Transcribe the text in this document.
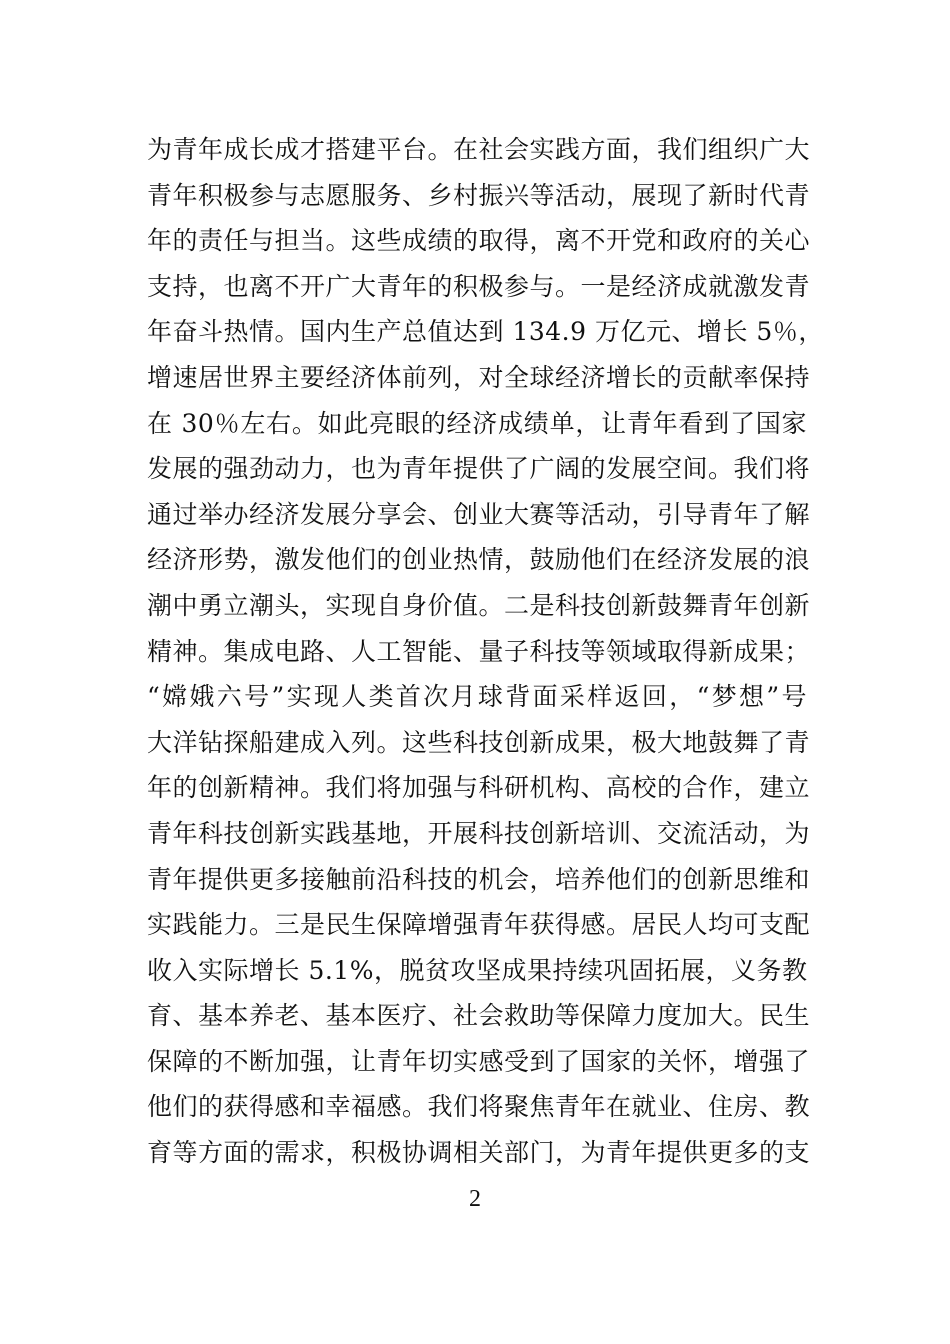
为青年成长成才搭建平台。在社会实践方面，我们组织广大
青年积极参与志愿服务、乡村振兴等活动，展现了新时代青
年的责任与担当。这些成绩的取得，离不开党和政府的关心
支持，也离不开广大青年的积极参与。一是经济成就激发青
年奋斗热情。国内生产总值达到 134.9 万亿元、增长 5％，
增速居世界主要经济体前列，对全球经济增长的贡献率保持
在 30％左右。如此亮眼的经济成绩单，让青年看到了国家
发展的强劲动力，也为青年提供了广阔的发展空间。我们将
通过举办经济发展分享会、创业大赛等活动，引导青年了解
经济形势，激发他们的创业热情，鼓励他们在经济发展的浪
潮中勇立潮头，实现自身价值。二是科技创新鼓舞青年创新
精神。集成电路、人工智能、量子科技等领域取得新成果；
“嫦娥六号”实现人类首次月球背面采样返回，“梦想”号
大洋钻探船建成入列。这些科技创新成果，极大地鼓舞了青
年的创新精神。我们将加强与科研机构、高校的合作，建立
青年科技创新实践基地，开展科技创新培训、交流活动，为
青年提供更多接触前沿科技的机会，培养他们的创新思维和
实践能力。三是民生保障增强青年获得感。居民人均可支配
收入实际增长 5.1%，脱贫攻坚成果持续巩固拓展，义务教
育、基本养老、基本医疗、社会救助等保障力度加大。民生
保障的不断加强，让青年切实感受到了国家的关怀，增强了
他们的获得感和幸福感。我们将聚焦青年在就业、住房、教
育等方面的需求，积极协调相关部门，为青年提供更多的支
2
